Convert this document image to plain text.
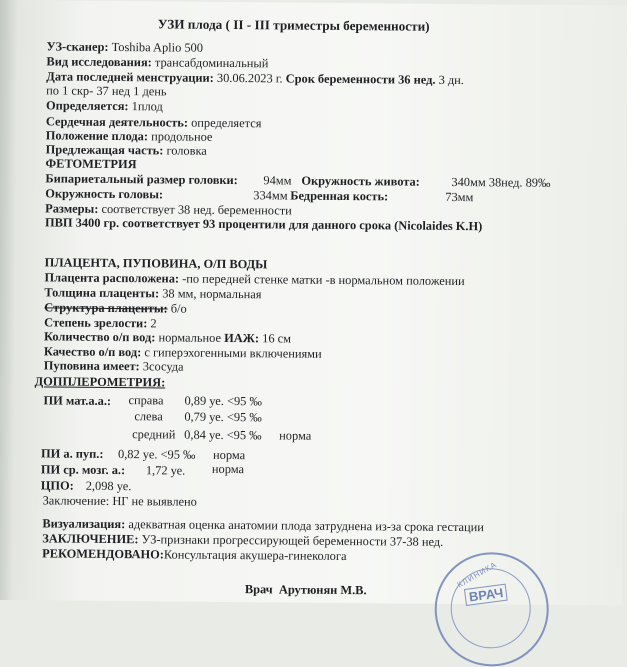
УЗИ плода ( II - III триместры беременности)
УЗ-сканер: Toshiba Aplio 500
Вид исследования: трансабдоминальный
Дата последней менструации: 30.06.2023 г. Срок беременности 36 нед. 3 дн.
по 1 скр- 37 нед 1 день
Определяется: 1плод
Сердечная деятельность: определяется
Положение плода: продольное
Предлежащая часть: головка
ФЕТОМЕТРИЯ
Бипариетальный размер головки: 94мм Окружность живота:	340мм 38нед. 89‰
Окружность головы:	334мм Бедренная кость:	73мм
Размеры: соответствует 38 нед. беременности
ПВП 3400 гр. соответствует 93 процентили для данного срока (Nicolaides K.H)
ПЛАЦЕНТА, ПУПОВИНА, О/П ВОДЫ
Плацента расположена: -по передней стенке матки -в нормальном положении
Толщина плаценты: 38 мм, нормальная
Структура плаценты: б/о
Степень зрелости: 2
Количество о/п вод: нормальное ИАЖ: 16 см
Качество о/п вод: с гиперэхогенными включениями
Пуповина имеет: 3сосуда
ДОППЛЕРОМЕТРИЯ:
ПИ мат.а.а.: справа 0,89 уе. <95 ‰
слева 0,79 уе. <95 ‰
средний 0,84 уе. <95 ‰ норма
ПИ а. пуп.: 0,82 уе. <95 ‰ норма
ПИ ср. мозг. а.: 1,72 уе. норма
ЦПО: 2,098 уе.
Заключение: НГ не выявлено
Визуализация: адекватная оценка анатомии плода затруднена из-за срока гестации
ЗАКЛЮЧЕНИЕ: УЗ-признаки прогрессирующей беременности 37-38 нед.
РЕКОМЕНДОВАНО:Консультация акушера-гинеколога
Врач Арутюнян М.В.
КЛИНИКА
ВРАЧ
